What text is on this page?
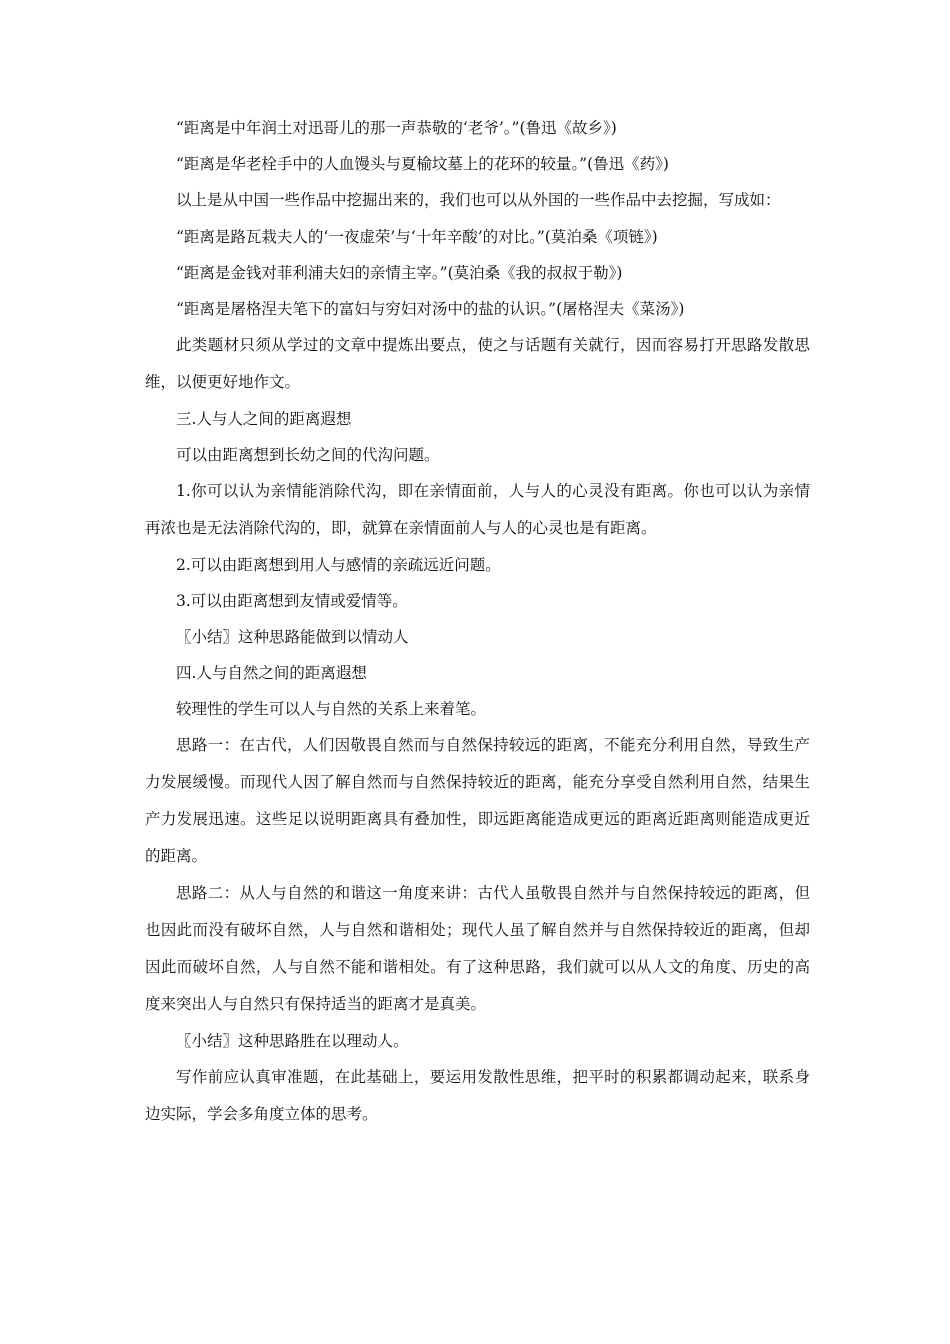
“距离是中年润土对迅哥儿的那一声恭敬的‘老爷’。”(鲁迅《故乡》)

“距离是华老栓手中的人血馒头与夏榆坟墓上的花环的较量。”(鲁迅《药》)

以上是从中国一些作品中挖掘出来的，我们也可以从外国的一些作品中去挖掘，写成如：

“距离是路瓦栽夫人的‘一夜虚荣’与‘十年辛酸’的对比。”(莫泊桑《项链》)

“距离是金钱对菲利浦夫妇的亲情主宰。”(莫泊桑《我的叔叔于勒》)

“距离是屠格涅夫笔下的富妇与穷妇对汤中的盐的认识。”(屠格涅夫《菜汤》)

此类题材只须从学过的文章中提炼出要点，使之与话题有关就行，因而容易打开思路发散思维，以便更好地作文。

三.人与人之间的距离遐想

可以由距离想到长幼之间的代沟问题。

1.你可以认为亲情能消除代沟，即在亲情面前，人与人的心灵没有距离。你也可以认为亲情再浓也是无法消除代沟的，即，就算在亲情面前人与人的心灵也是有距离。

2.可以由距离想到用人与感情的亲疏远近问题。

3.可以由距离想到友情或爱情等。

〖小结〗这种思路能做到以情动人

四.人与自然之间的距离遐想

较理性的学生可以人与自然的关系上来着笔。

思路一：在古代，人们因敬畏自然而与自然保持较远的距离，不能充分利用自然，导致生产力发展缓慢。而现代人因了解自然而与自然保持较近的距离，能充分享受自然利用自然，结果生产力发展迅速。这些足以说明距离具有叠加性，即远距离能造成更远的距离近距离则能造成更近的距离。

思路二：从人与自然的和谐这一角度来讲：古代人虽敬畏自然并与自然保持较远的距离，但也因此而没有破坏自然，人与自然和谐相处；现代人虽了解自然并与自然保持较近的距离，但却因此而破坏自然，人与自然不能和谐相处。有了这种思路，我们就可以从人文的角度、历史的高度来突出人与自然只有保持适当的距离才是真美。

〖小结〗这种思路胜在以理动人。

写作前应认真审准题，在此基础上，要运用发散性思维，把平时的积累都调动起来，联系身边实际，学会多角度立体的思考。
